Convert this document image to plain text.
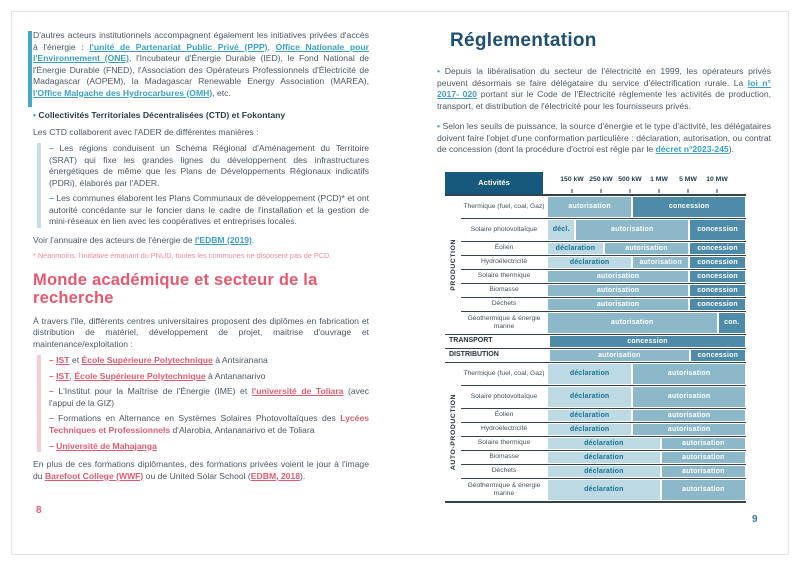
D'autres acteurs institutionnels accompagnent également les initiatives privées d'accès à l'énergie : l'unité de Partenariat Public Privé (PPP), Office Nationale pour l'Environnement (ONE), l'Incubateur d'Énergie Durable (IED), le Fond National de l'Énergie Durable (FNED), l'Association des Opérateurs Professionnels d'Électricité de Madagascar (AOPEM), la Madagascar Renewable Energy Association (MAREA), l'Office Malgache des Hydrocarbures (OMH), etc.

• Collectivités Territoriales Décentralisées (CTD) et Fokontany

Les CTD collaborent avec l'ADER de différentes manières :

– Les régions conduisent un Schéma Régional d'Aménagement du Territoire (SRAT) qui fixe les grandes lignes du développement des infrastructures énergétiques de même que les Plans de Développements Régionaux indicatifs (PDRi), élaborés par l'ADER.

– Les communes élaborent les Plans Communaux de développement (PCD)* et ont autorité concédante sur le foncier dans le cadre de l'installation et la gestion de mini-réseaux en lien avec les coopératives et entreprises locales.

Voir l'annuaire des acteurs de l'énergie de l'EDBM (2019).

* Néanmoins, l'initiative émanant du PNUD, toutes les communes ne disposent pas de PCD.

Monde académique et secteur de la recherche

À travers l'île, différents centres universitaires proposent des diplômes en fabrication et distribution de matériel, développement de projet, maitrise d'ouvrage et maintenance/exploitation :

– IST et École Supérieure Polytechnique à Antsiranana

– IST, École Supérieure Polytechnique à Antananarivo

– L'Institut pour la Maîtrise de l'Énergie (IME) et l'université de Toliara (avec l'appui de la GIZ)

– Formations en Alternance en Systèmes Solaires Photovoltaïques des Lycées Techniques et Professionnels d'Alarobia, Antananarivo et de Toliara

– Université de Mahajanga

En plus de ces formations diplômantes, des formations privées voient le jour à l'image du Barefoot College (WWF) ou de United Solar School (EDBM, 2018).

Réglementation

• Depuis la libéralisation du secteur de l'électricité en 1999, les opérateurs privés peuvent désormais se faire délégataire du service d'électrification rurale. La loi n° 2017- 020 portant sur le Code de l'Électricité règlemente les activités de production, transport, et distribution de l'électricité pour les fournisseurs privés.

• Selon les seuils de puissance, la source d'énergie et le type d'activité, les délégataires doivent faire l'objet d'une conformation particulière : déclaration, autorisation, ou contrat de concession (dont la procédure d'octroi est régie par le décret n°2023-245).

Activités	150 kW 250 kW 500 kW 1 MW 5 MW 10 MW
PRODUCTION
Thermique (fuel, coal, Gaz)	autorisation	concession
Solaire photovoltaïque	décl.	autorisation	concession
Éolien	déclaration	autorisation	concession
Hydroélectricité	déclaration	autorisation	concession
Solaire thermique	autorisation	concession
Biomasse	autorisation	concession
Déchets	autorisation	concession
Géothermique & énergie marine	autorisation	con.
TRANSPORT	concession
DISTRIBUTION	autorisation	concession
AUTO-PRODUCTION
Thermique (fuel, coal, Gaz)	déclaration	autorisation
Solaire photovoltaïque	déclaration	autorisation
Éolien	déclaration	autorisation
Hydroélectricité	déclaration	autorisation
Solaire thermique	déclaration	autorisation
Biomasse	déclaration	autorisation
Déchets	déclaration	autorisation
Géothermique & énergie marine	déclaration	autorisation
8
9
